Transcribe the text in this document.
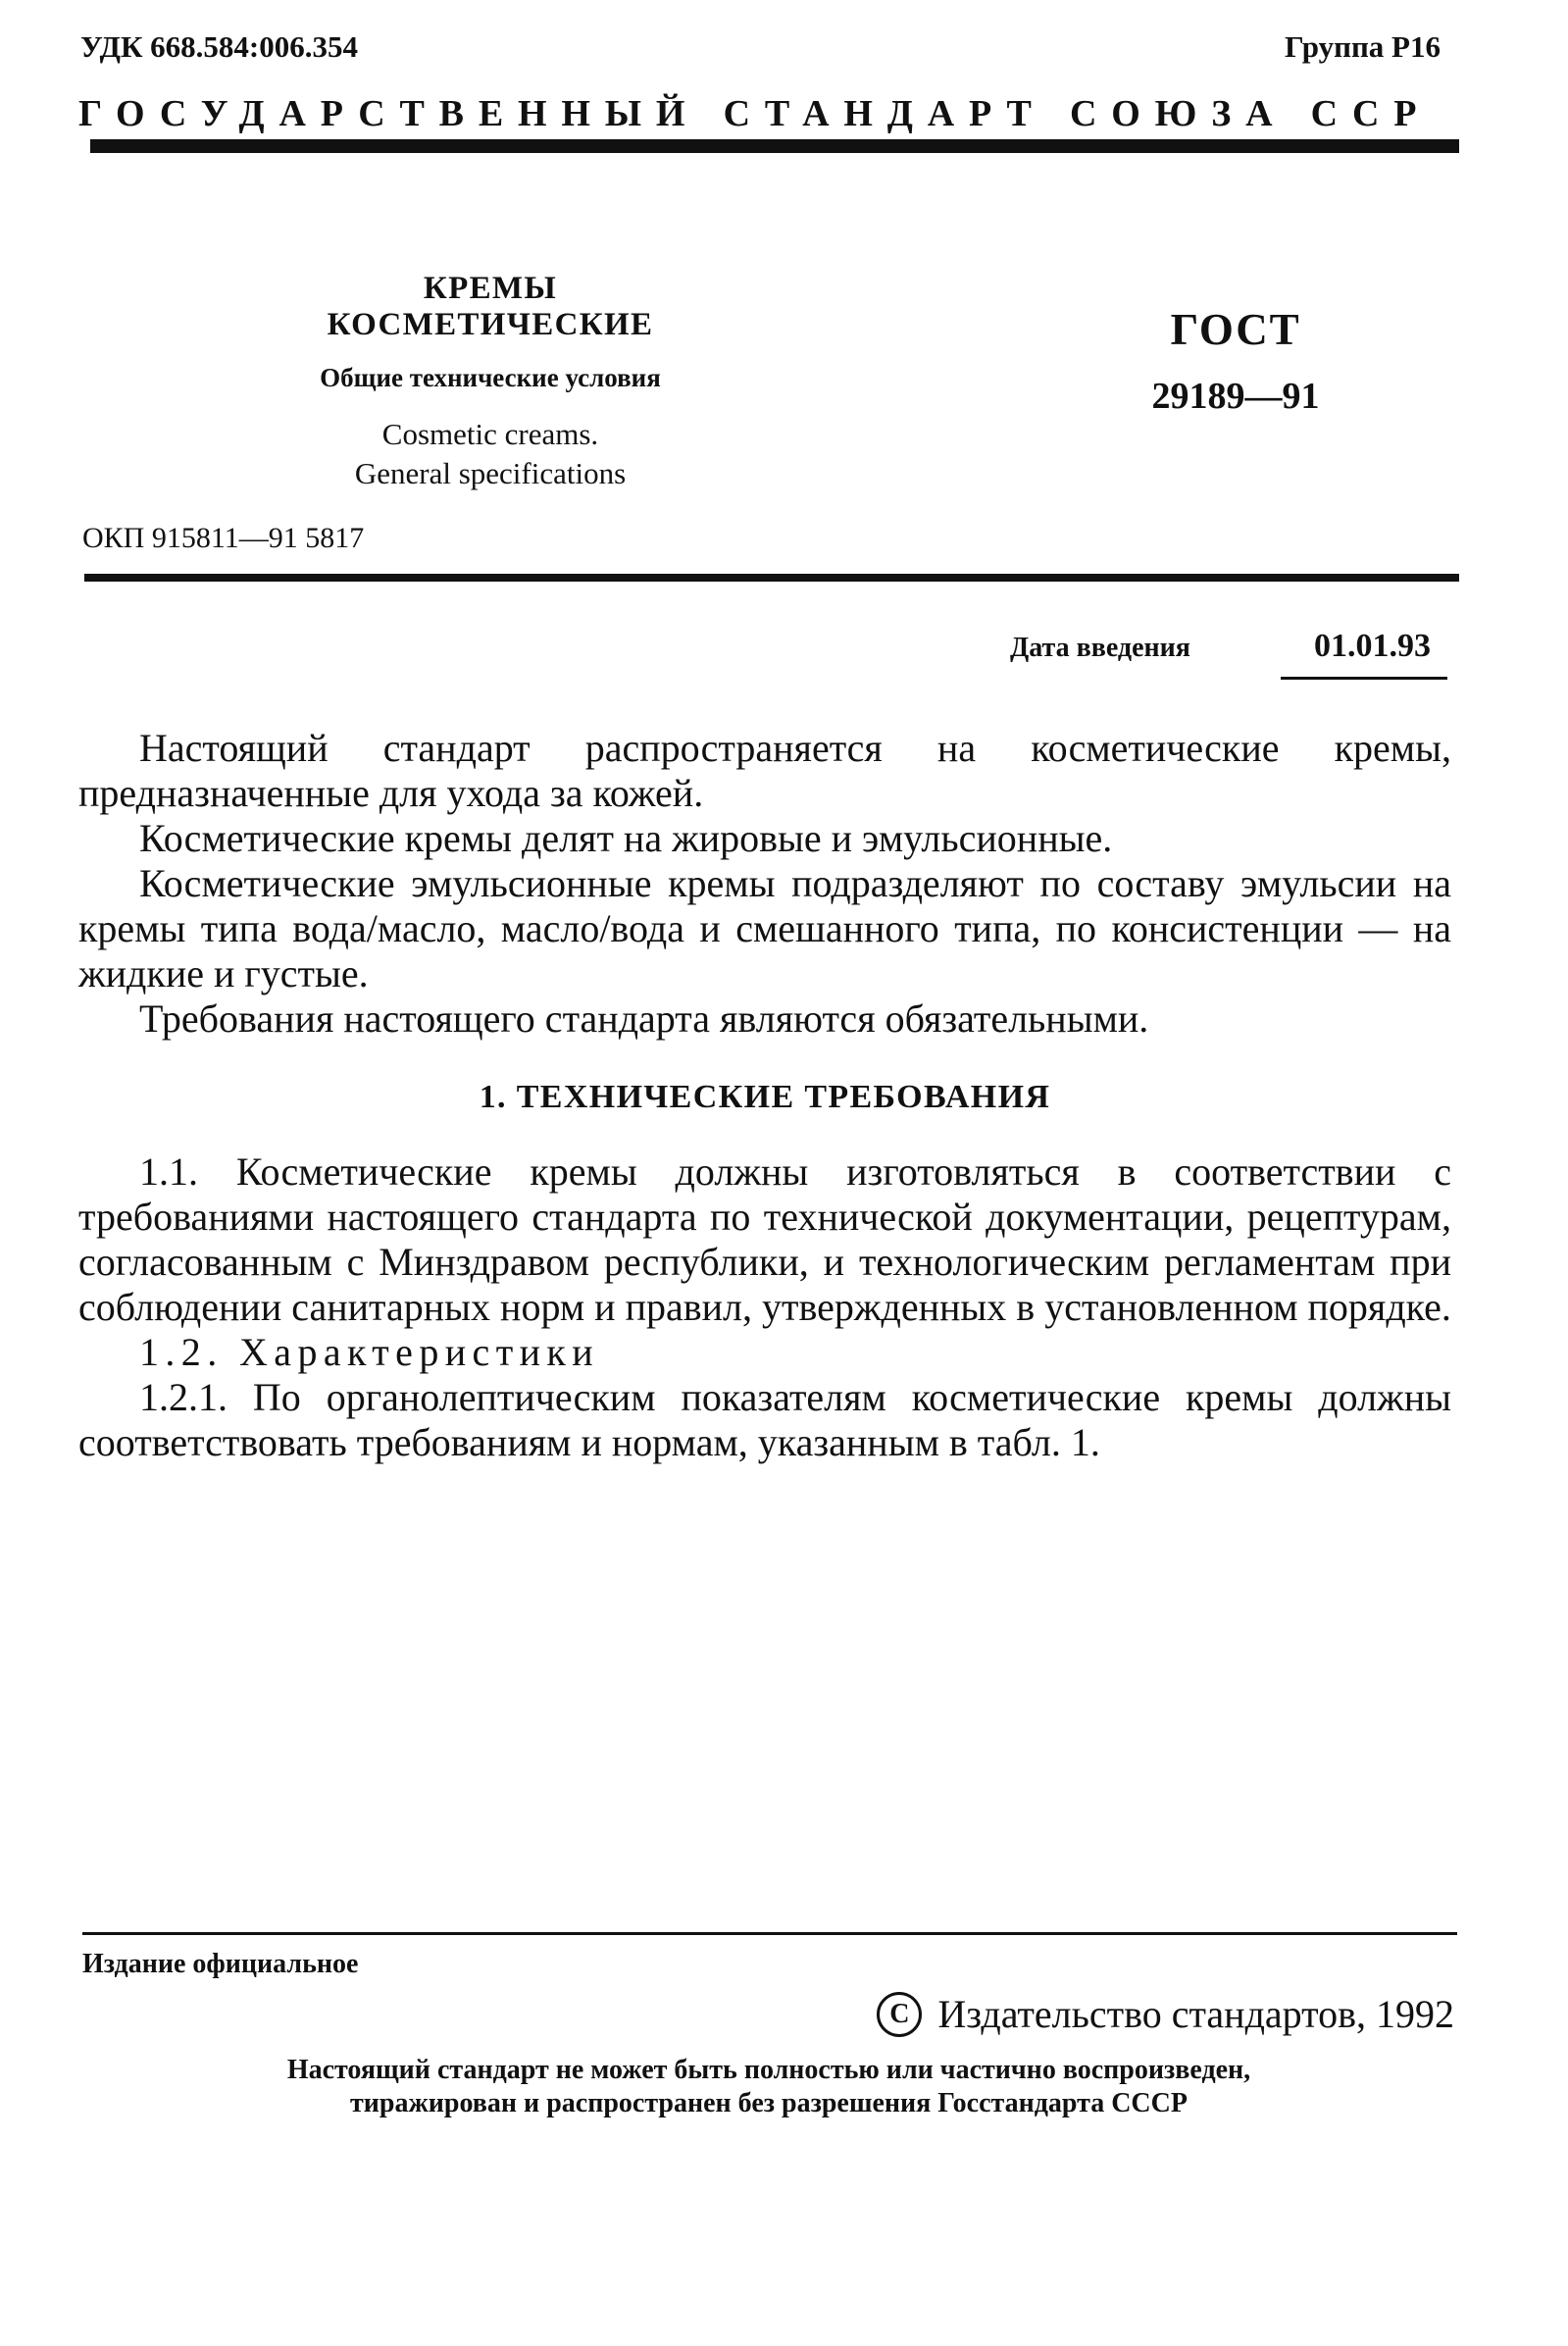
УДК 668.584:006.354	Группа Р16
ГОСУДАРСТВЕННЫЙ СТАНДАРТ СОЮЗА ССР
КРЕМЫ КОСМЕТИЧЕСКИЕ
Общие технические условия
Cosmetic creams.
General specifications
ГОСТ
29189—91
ОКП 915811—91 5817
Дата введения	01.01.93

Настоящий стандарт распространяется на косметические кремы, предназначенные для ухода за кожей.

Косметические кремы делят на жировые и эмульсионные.

Косметические эмульсионные кремы подразделяют по составу эмульсии на кремы типа вода/масло, масло/вода и смешанного типа, по консистенции — на жидкие и густые.

Требования настоящего стандарта являются обязательными.

1. ТЕХНИЧЕСКИЕ ТРЕБОВАНИЯ

1.1. Косметические кремы должны изготовляться в соответствии с требованиями настоящего стандарта по технической документации, рецептурам, согласованным с Минздравом республики, и технологическим регламентам при соблюдении санитарных норм и правил, утвержденных в установленном порядке.

1.2. Характеристики

1.2.1. По органолептическим показателям косметические кремы должны соответствовать требованиям и нормам, указанным в табл. 1.

Издание официальное
C Издательство стандартов, 1992
Настоящий стандарт не может быть полностью или частично воспроизведен,
тиражирован и распространен без разрешения Госстандарта СССР
